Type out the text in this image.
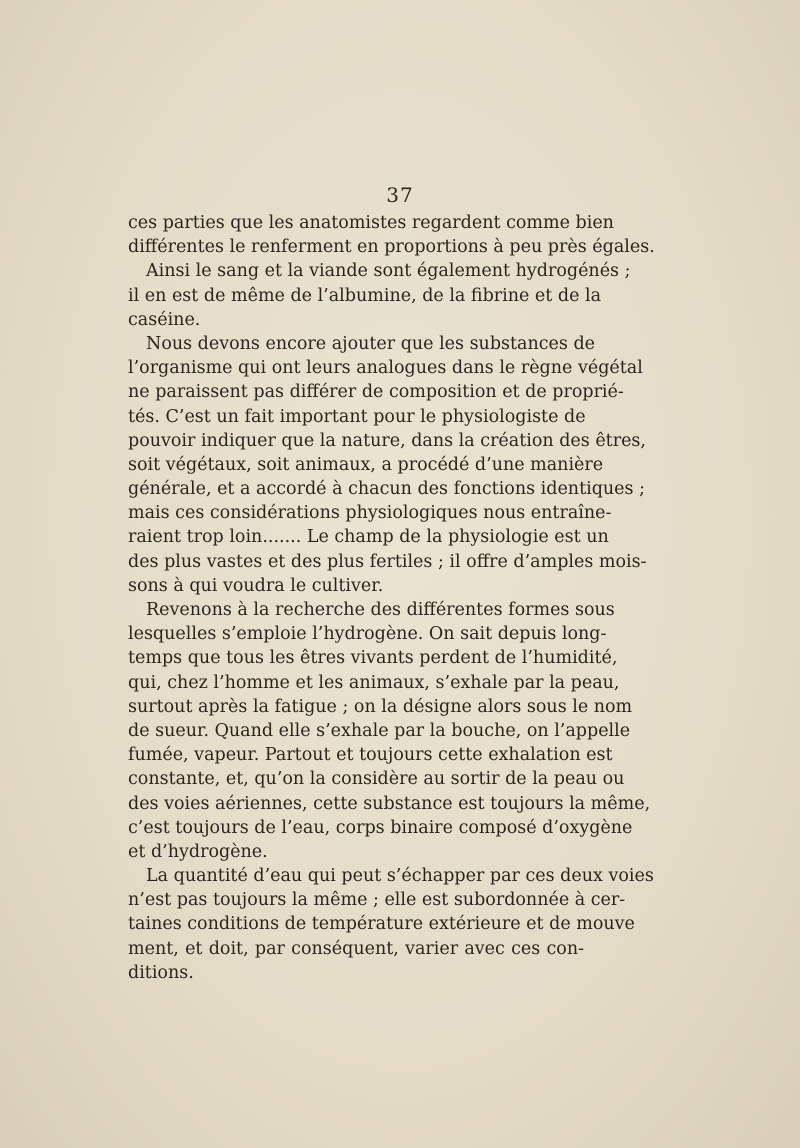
37
ces parties que les anatomistes regardent comme bien
différentes le renferment en proportions à peu près égales.
Ainsi le sang et la viande sont également hydrogénés ;
il en est de même de l’albumine, de la fibrine et de la
caséine.
Nous devons encore ajouter que les substances de
l’organisme qui ont leurs analogues dans le règne végétal
ne paraissent pas différer de composition et de proprié-
tés. C’est un fait important pour le physiologiste de
pouvoir indiquer que la nature, dans la création des êtres,
soit végétaux, soit animaux, a procédé d’une manière
générale, et a accordé à chacun des fonctions identiques ;
mais ces considérations physiologiques nous entraîne-
raient trop loin....... Le champ de la physiologie est un
des plus vastes et des plus fertiles ; il offre d’amples mois-
sons à qui voudra le cultiver.
Revenons à la recherche des différentes formes sous
lesquelles s’emploie l’hydrogène. On sait depuis long-
temps que tous les êtres vivants perdent de l’humidité,
qui, chez l’homme et les animaux, s’exhale par la peau,
surtout après la fatigue ; on la désigne alors sous le nom
de sueur. Quand elle s’exhale par la bouche, on l’appelle
fumée, vapeur. Partout et toujours cette exhalation est
constante, et, qu’on la considère au sortir de la peau ou
des voies aériennes, cette substance est toujours la même,
c’est toujours de l’eau, corps binaire composé d’oxygène
et d’hydrogène.
La quantité d’eau qui peut s’échapper par ces deux voies
n’est pas toujours la même ; elle est subordonnée à cer-
taines conditions de température extérieure et de mouve
ment, et doit, par conséquent, varier avec ces con-
ditions.
